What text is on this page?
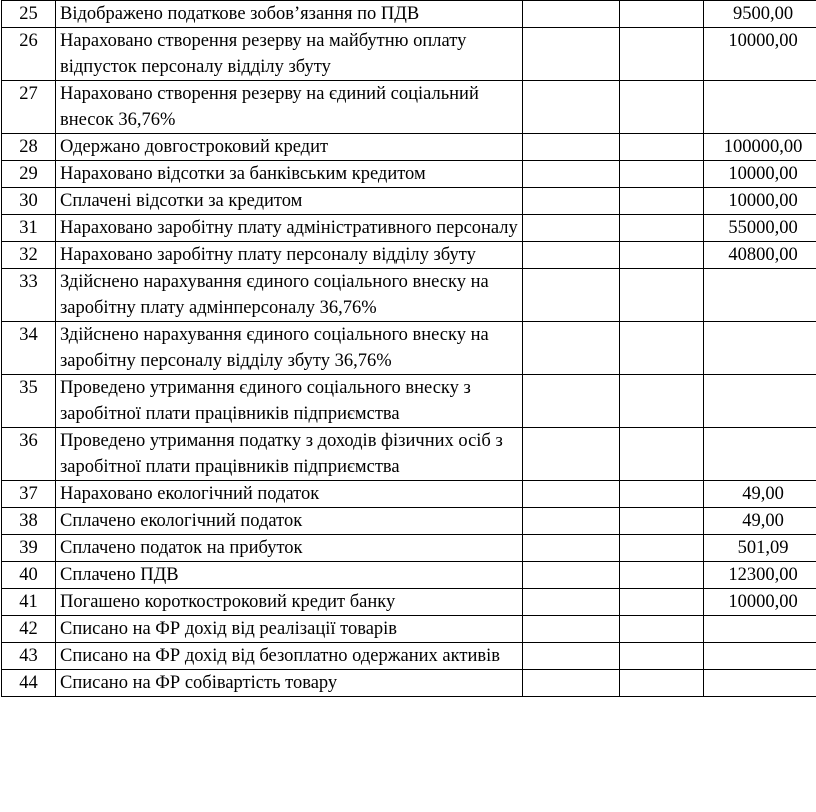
25	Відображено податкове зобов’язання по ПДВ			9500,00
26	Нараховано створення резерву на майбутню оплату відпусток персоналу відділу збуту			10000,00
27	Нараховано створення резерву на єдиний соціальний внесок 36,76%			
28	Одержано довгостроковий кредит			100000,00
29	Нараховано відсотки за банківським кредитом			10000,00
30	Сплачені відсотки за кредитом			10000,00
31	Нараховано заробітну плату адміністративного персоналу			55000,00
32	Нараховано заробітну плату персоналу відділу збуту			40800,00
33	Здійснено нарахування єдиного соціального внеску на заробітну плату адмінперсоналу 36,76%			
34	Здійснено нарахування єдиного соціального внеску на заробітну персоналу відділу збуту 36,76%			
35	Проведено утримання єдиного соціального внеску з заробітної плати працівників підприємства			
36	Проведено утримання податку з доходів фізичних осіб з заробітної плати працівників підприємства			
37	Нараховано екологічний податок			49,00
38	Сплачено екологічний податок			49,00
39	Сплачено податок на прибуток			501,09
40	Сплачено ПДВ			12300,00
41	Погашено короткостроковий кредит банку			10000,00
42	Списано на ФР дохід від реалізації товарів			
43	Списано на ФР дохід від безоплатно одержаних активів			
44	Списано на ФР собівартість товару			
